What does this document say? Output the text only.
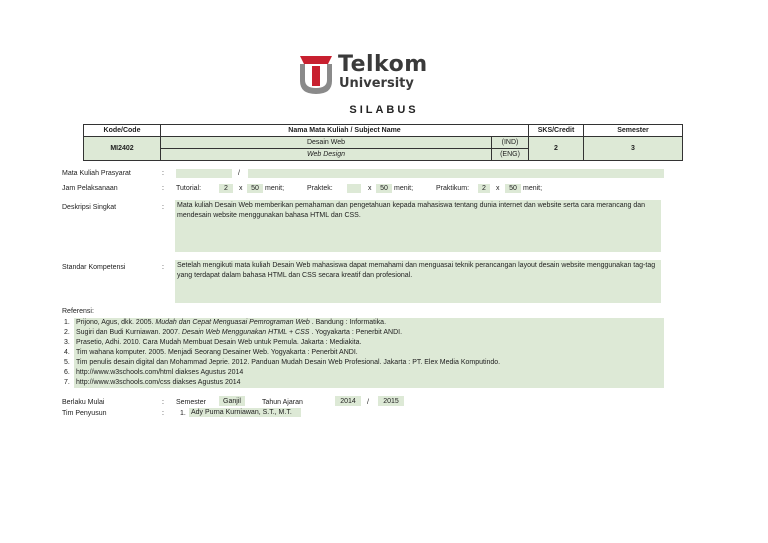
Telkom
University
SILABUS
Kode/Code	Nama Mata Kuliah / Subject Name		SKS/Credit	Semester
MI2402	Desain Web	(IND)	2	3
	Web Design	(ENG)		
Mata Kuliah Prasyarat	:	/
Jam Pelaksanaan	: Tutorial:	2	x	50 menit;	Praktek:	x	50 menit;	Praktikum:	2	x	50 menit;
Deskripsi Singkat	: Mata kuliah Desain Web memberikan pemahaman dan pengetahuan kepada mahasiswa tentang dunia internet dan website serta cara merancang dan mendesain website menggunakan bahasa HTML dan CSS.
Standar Kompetensi	: Setelah mengikuti mata kuliah Desain Web mahasiswa dapat memahami dan menguasai teknik perancangan layout desain website menggunakan tag-tag yang terdapat dalam bahasa HTML dan CSS secara kreatif dan profesional.
Referensi:
1. Prijono, Agus, dkk. 2005. Mudah dan Cepat Menguasai Pemrograman Web . Bandung : Informatika.
2. Sugiri dan Budi Kurniawan. 2007. Desain Web Menggunakan HTML + CSS . Yogyakarta : Penerbit ANDI.
3. Prasetio, Adhi. 2010. Cara Mudah Membuat Desain Web untuk Pemula. Jakarta : Mediakita.
4. Tim wahana komputer. 2005. Menjadi Seorang Desainer Web. Yogyakarta : Penerbit ANDI.
5. Tim penulis desain digital dan Mohammad Jeprie. 2012. Panduan Mudah Desain Web Profesional. Jakarta : PT. Elex Media Komputindo.
6. http://www.w3schools.com/html diakses Agustus 2014
7. http://www.w3schools.com/css diakses Agustus 2014
Berlaku Mulai	: Semester	Ganjil	Tahun Ajaran	2014	/	2015
Tim Penyusun	: 1. Ady Purna Kurniawan, S.T., M.T.
